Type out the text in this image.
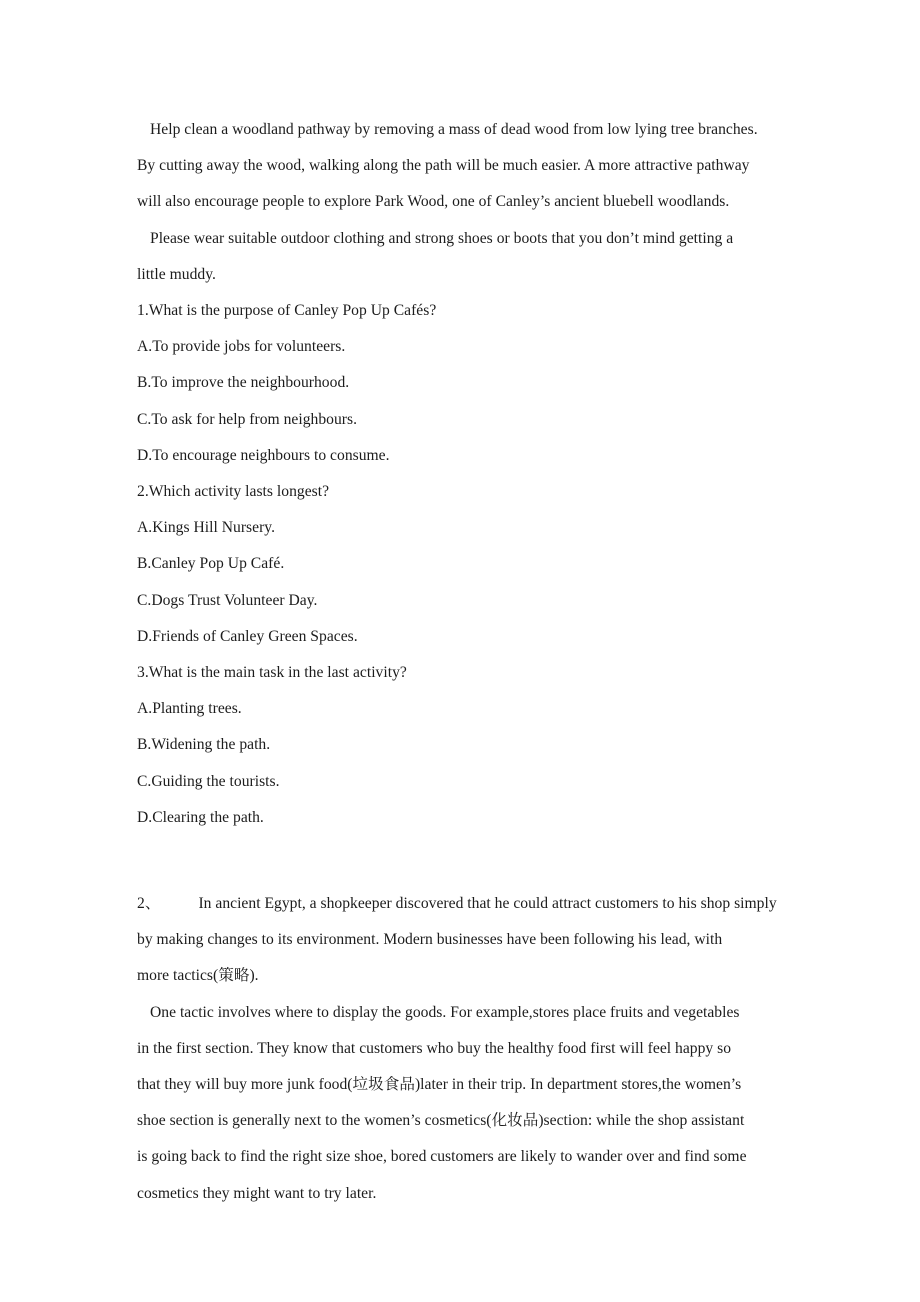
Help clean a woodland pathway by removing a mass of dead wood from low lying tree branches.
By cutting away the wood, walking along the path will be much easier. A more attractive pathway
will also encourage people to explore Park Wood, one of Canley’s ancient bluebell woodlands.
Please wear suitable outdoor clothing and strong shoes or boots that you don’t mind getting a
little muddy.
1.What is the purpose of Canley Pop Up Cafés?
A.To provide jobs for volunteers.
B.To improve the neighbourhood.
C.To ask for help from neighbours.
D.To encourage neighbours to consume.
2.Which activity lasts longest?
A.Kings Hill Nursery.
B.Canley Pop Up Café.
C.Dogs Trust Volunteer Day.
D.Friends of Canley Green Spaces.
3.What is the main task in the last activity?
A.Planting trees.
B.Widening the path.
C.Guiding the tourists.
D.Clearing the path.
2、 In ancient Egypt, a shopkeeper discovered that he could attract customers to his shop simply
by making changes to its environment. Modern businesses have been following his lead, with
more tactics(策略).
One tactic involves where to display the goods. For example,stores place fruits and vegetables
in the first section. They know that customers who buy the healthy food first will feel happy so
that they will buy more junk food(垃圾食品)later in their trip. In department stores,the women’s
shoe section is generally next to the women’s cosmetics(化妆品)section: while the shop assistant
is going back to find the right size shoe, bored customers are likely to wander over and find some
cosmetics they might want to try later.
